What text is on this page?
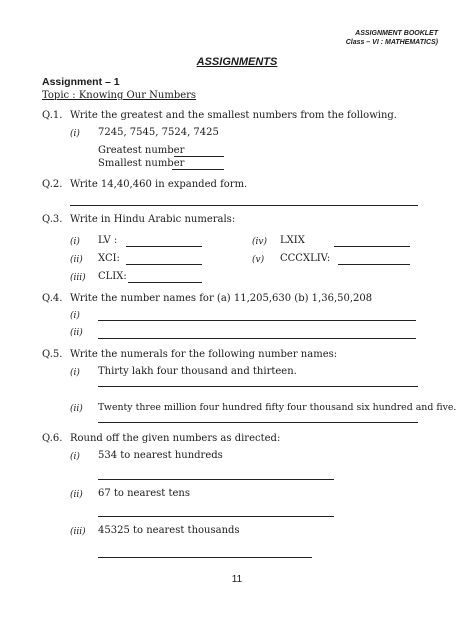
ASSIGNMENT BOOKLET
Class – VI : MATHEMATICS)
ASSIGNMENTS
Assignment – 1
Topic : Knowing Our Numbers
Q.1. Write the greatest and the smallest numbers from the following.
(i) 7245, 7545, 7524, 7425
Greatest number
Smallest number
Q.2. Write 14,40,460 in expanded form.
Q.3. Write in Hindu Arabic numerals:
(i) LV :	(iv) LXIX
(ii) XCI:	(v) CCCXLIV:
(iii) CLIX:
Q.4. Write the number names for (a) 11,205,630 (b) 1,36,50,208
(i)
(ii)
Q.5. Write the numerals for the following number names:
(i) Thirty lakh four thousand and thirteen.
(ii) Twenty three million four hundred fifty four thousand six hundred and five.
Q.6. Round off the given numbers as directed:
(i) 534 to nearest hundreds
(ii) 67 to nearest tens
(iii) 45325 to nearest thousands
11
